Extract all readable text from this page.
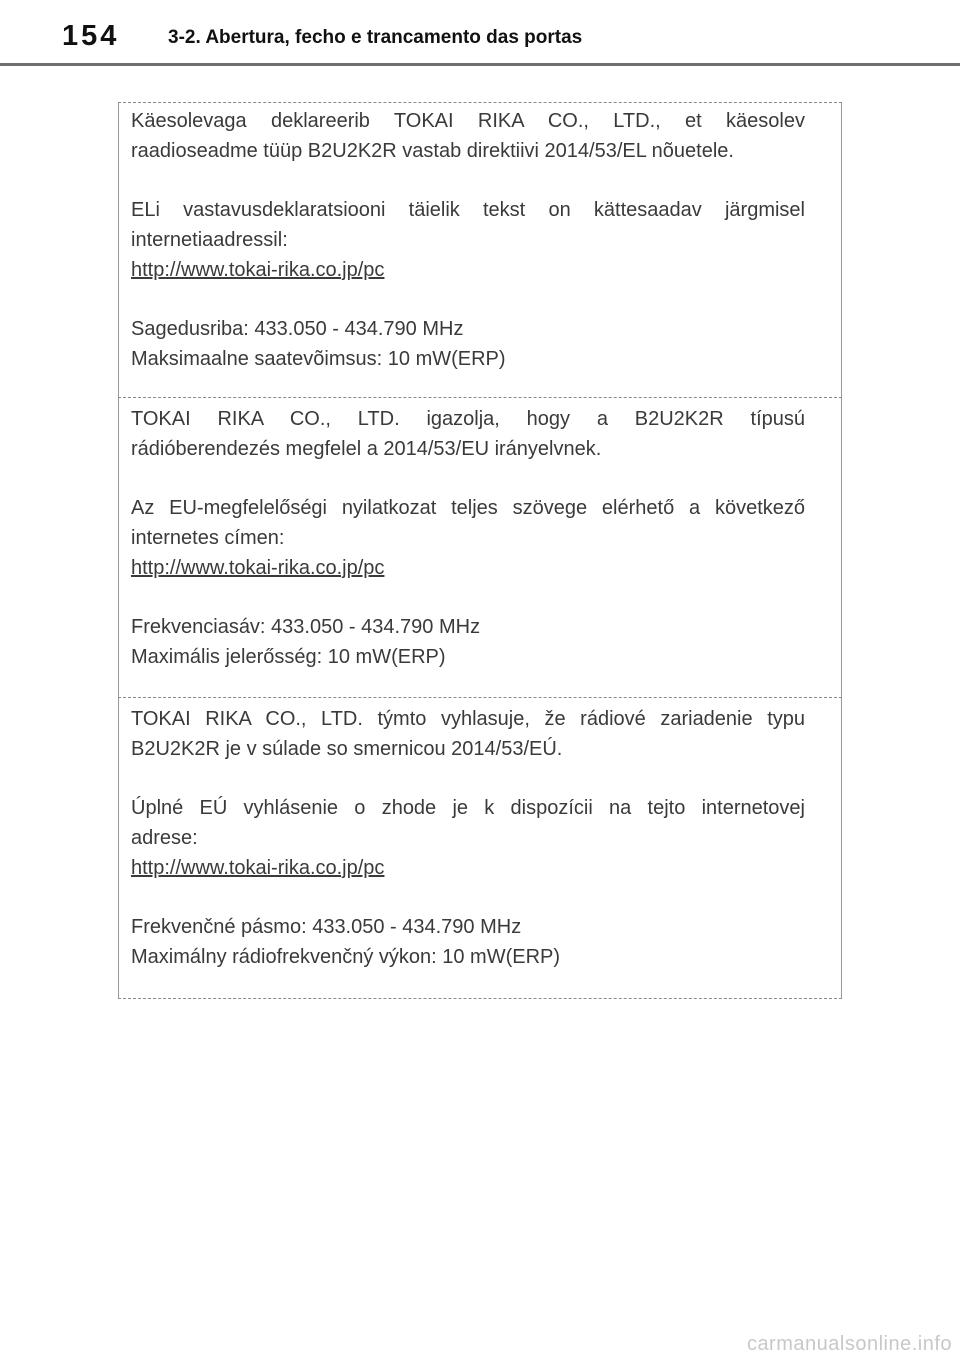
154	3-2. Abertura, fecho e trancamento das portas

Käesolevaga deklareerib TOKAI RIKA CO., LTD., et käesolev

raadioseadme tüüp B2U2K2R vastab direktiivi 2014/53/EL nõuetele.

ELi vastavusdeklaratsiooni täielik tekst on kättesaadav järgmisel

internetiaadressil:

http://www.tokai-rika.co.jp/pc

Sagedusriba: 433.050 - 434.790 MHz

Maksimaalne saatevõimsus: 10 mW(ERP)

TOKAI RIKA CO., LTD. igazolja, hogy a B2U2K2R típusú

rádióberendezés megfelel a 2014/53/EU irányelvnek.

Az EU-megfelelőségi nyilatkozat teljes szövege elérhető a következő

internetes címen:

http://www.tokai-rika.co.jp/pc

Frekvenciasáv: 433.050 - 434.790 MHz

Maximális jelerősség: 10 mW(ERP)

TOKAI RIKA CO., LTD. týmto vyhlasuje, že rádiové zariadenie typu

B2U2K2R je v súlade so smernicou 2014/53/EÚ.

Úplné EÚ vyhlásenie o zhode je k dispozícii na tejto internetovej

adrese:

http://www.tokai-rika.co.jp/pc

Frekvenčné pásmo: 433.050 - 434.790 MHz

Maximálny rádiofrekvenčný výkon: 10 mW(ERP)

carmanualsonline.info
